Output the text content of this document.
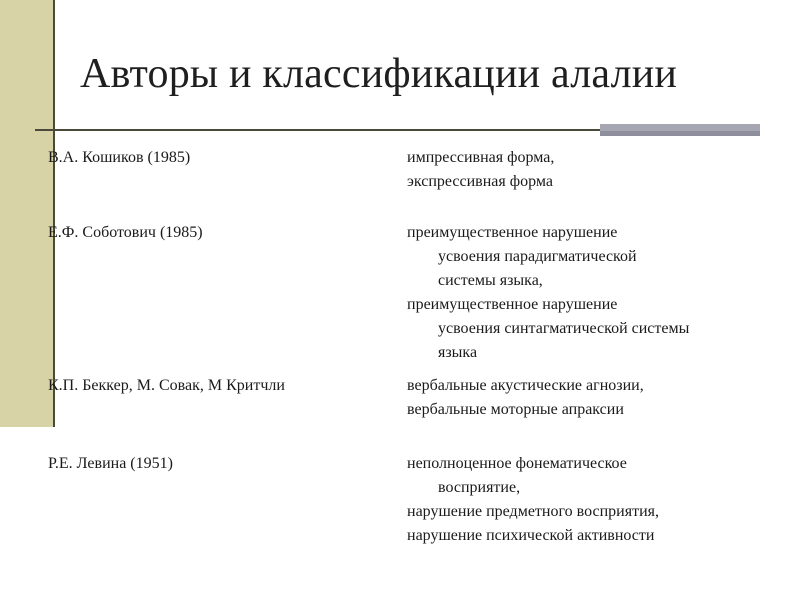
Авторы и классификации алалии
В.А. Кошиков (1985)	импрессивная форма,
экспрессивная форма
Е.Ф. Соботович (1985)	преимущественное нарушение
усвоения парадигматической
системы языка,
преимущественное нарушение
усвоения синтагматической системы
языка
К.П. Беккер, М. Совак, М Критчли	вербальные акустические агнозии,
вербальные моторные апраксии
Р.Е. Левина (1951)	неполноценное фонематическое
восприятие,
нарушение предметного восприятия,
нарушение психической активности
